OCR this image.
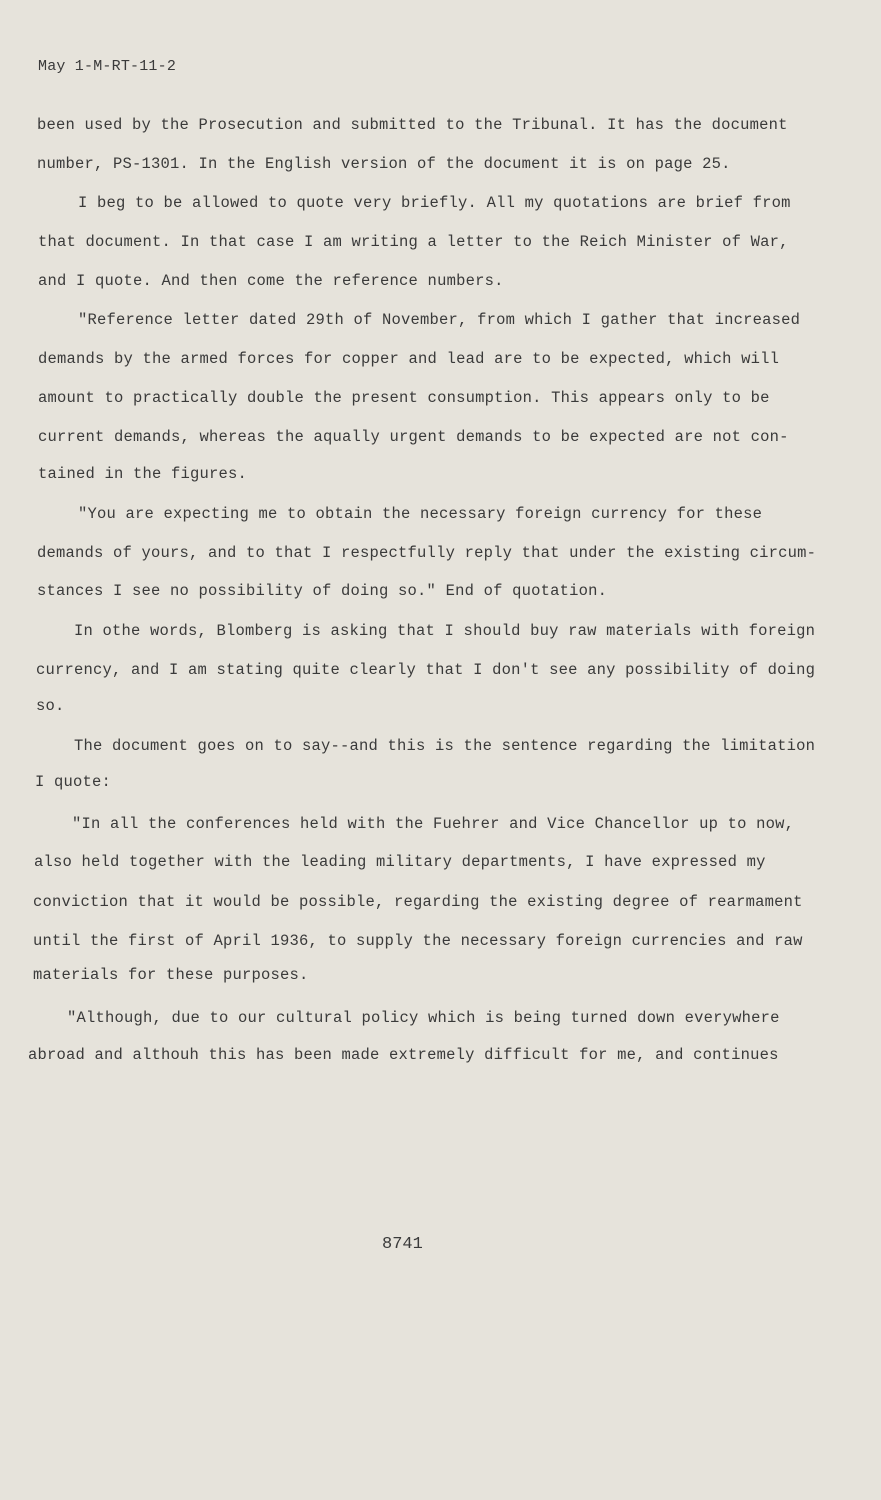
May 1-M-RT-11-2
been used by the Prosecution and submitted to the Tribunal. It has the document
number, PS-1301. In the English version of the document it is on page 25.
I beg to be allowed to quote very briefly. All my quotations are brief from
that document. In that case I am writing a letter to the Reich Minister of War,
and I quote. And then come the reference numbers.
"Reference letter dated 29th of November, from which I gather that increased
demands by the armed forces for copper and lead are to be expected, which will
amount to practically double the present consumption. This appears only to be
current demands, whereas the aqually urgent demands to be expected are not con-
tained in the figures.
"You are expecting me to obtain the necessary foreign currency for these
demands of yours, and to that I respectfully reply that under the existing circum-
stances I see no possibility of doing so." End of quotation.
In othe words, Blomberg is asking that I should buy raw materials with foreign
currency, and I am stating quite clearly that I don't see any possibility of doing
so.
The document goes on to say--and this is the sentence regarding the limitation
I quote:
"In all the conferences held with the Fuehrer and Vice Chancellor up to now,
also held together with the leading military departments, I have expressed my
conviction that it would be possible, regarding the existing degree of rearmament
until the first of April 1936, to supply the necessary foreign currencies and raw
materials for these purposes.
"Although, due to our cultural policy which is being turned down everywhere
abroad and althouh this has been made extremely difficult for me, and continues
8741
